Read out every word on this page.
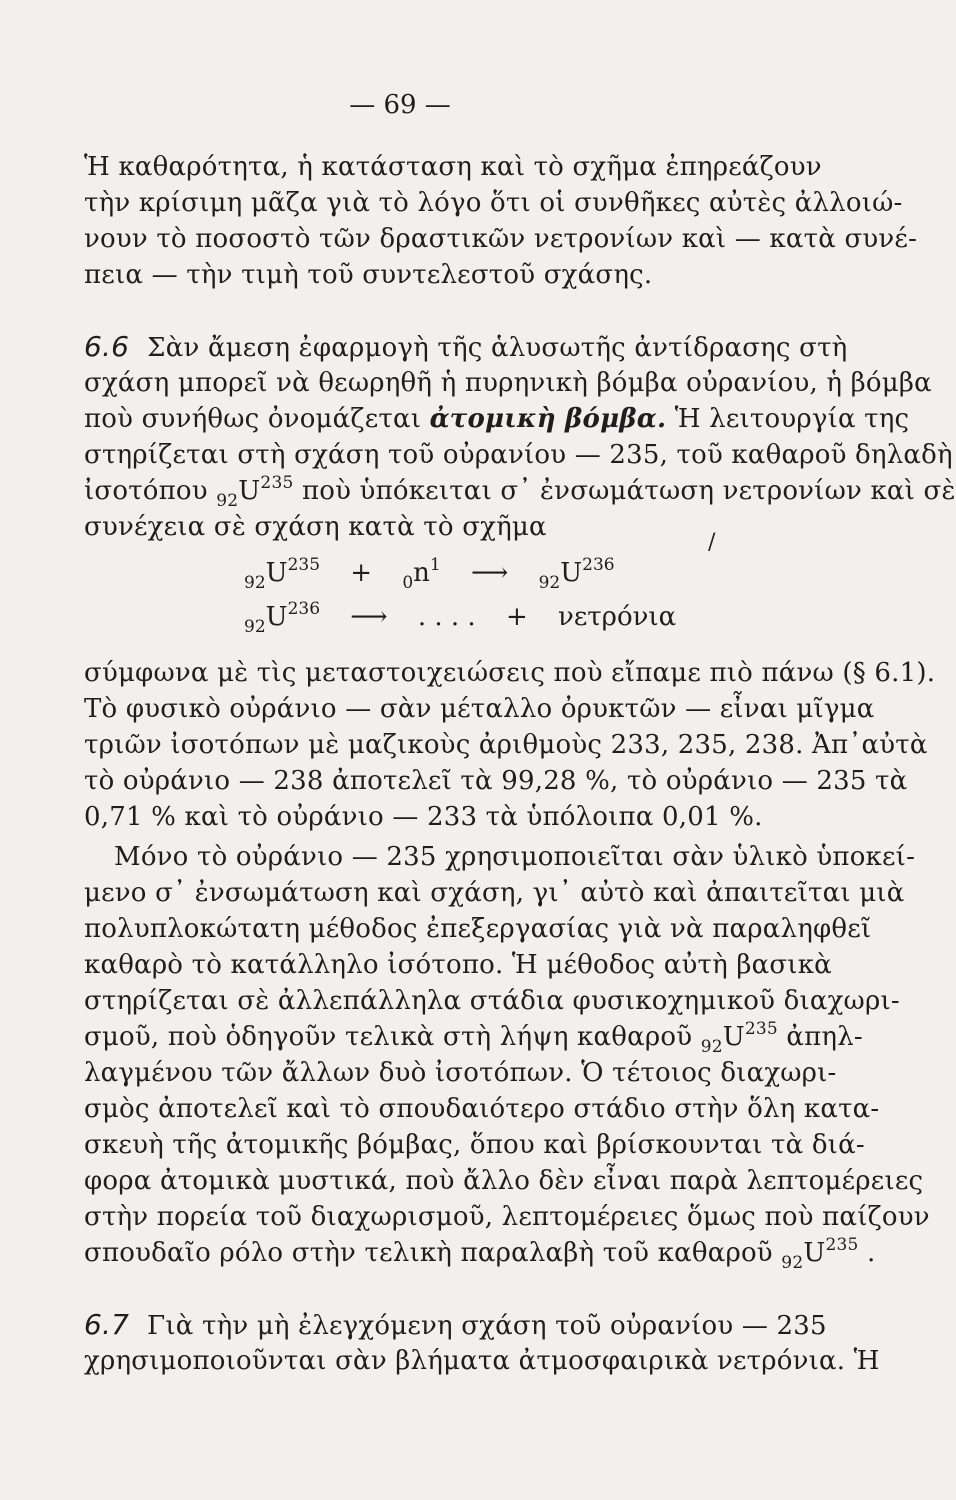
— 69 —
Ἡ καθαρότητα, ἡ κατάσταση καὶ τὸ σχῆμα ἐπηρεάζουν
τὴν κρίσιμη μᾶζα γιὰ τὸ λόγο ὅτι οἱ συνθῆκες αὐτὲς ἀλλοιώ-
νουν τὸ ποσοστὸ τῶν δραστικῶν νετρονίων καὶ — κατὰ συνέ-
πεια — τὴν τιμὴ τοῦ συντελεστοῦ σχάσης.
6.6 Σὰν ἄμεση ἐφαρμογὴ τῆς ἁλυσωτῆς ἀντίδρασης στὴ
σχάση μπορεῖ νὰ θεωρηθῆ ἡ πυρηνικὴ βόμβα οὐρανίου, ἡ βόμβα
ποὺ συνήθως ὀνομάζεται ἀτομικὴ βόμβα. Ἡ λειτουργία της
στηρίζεται στὴ σχάση τοῦ οὐρανίου — 235, τοῦ καθαροῦ δηλαδὴ
ἰσοτόπου $_{92}U^{235}$ ποὺ ὑπόκειται σ᾿ ἐνσωμάτωση νετρονίων καὶ σὲ
συνέχεια σὲ σχάση κατὰ τὸ σχῆμα
/
$_{92}U^{235} + _0n^1$ ⟶ $_{92}U^{236}$
$_{92}U^{236}$ ⟶ . . . . + νετρόνια
σύμφωνα μὲ τὶς μεταστοιχειώσεις ποὺ εἴπαμε πιὸ πάνω (§ 6.1).
Τὸ φυσικὸ οὐράνιο — σὰν μέταλλο ὀρυκτῶν — εἶναι μῖγμα
τριῶν ἰσοτόπων μὲ μαζικοὺς ἀριθμοὺς 233, 235, 238. Ἀπ᾿αὐτὰ
τὸ οὐράνιο — 238 ἀποτελεῖ τὰ 99,28 %, τὸ οὐράνιο — 235 τὰ
0,71 % καὶ τὸ οὐράνιο — 233 τὰ ὑπόλοιπα 0,01 %.
Μόνο τὸ οὐράνιο — 235 χρησιμοποιεῖται σὰν ὑλικὸ ὑποκεί-
μενο σ᾿ ἐνσωμάτωση καὶ σχάση, γι᾿ αὐτὸ καὶ ἀπαιτεῖται μιὰ
πολυπλοκώτατη μέθοδος ἐπεξεργασίας γιὰ νὰ παραληφθεῖ
καθαρὸ τὸ κατάλληλο ἰσότοπο. Ἡ μέθοδος αὐτὴ βασικὰ
στηρίζεται σὲ ἀλλεπάλληλα στάδια φυσικοχημικοῦ διαχωρι-
σμοῦ, ποὺ ὁδηγοῦν τελικὰ στὴ λήψη καθαροῦ $_{92}U^{235}$ ἀπηλ-
λαγμένου τῶν ἄλλων δυὸ ἰσοτόπων. Ὁ τέτοιος διαχωρι-
σμὸς ἀποτελεῖ καὶ τὸ σπουδαιότερο στάδιο στὴν ὅλη κατα-
σκευὴ τῆς ἀτομικῆς βόμβας, ὅπου καὶ βρίσκουνται τὰ διά-
φορα ἀτομικὰ μυστικά, ποὺ ἄλλο δὲν εἶναι παρὰ λεπτομέρειες
στὴν πορεία τοῦ διαχωρισμοῦ, λεπτομέρειες ὅμως ποὺ παίζουν
σπουδαῖο ρόλο στὴν τελικὴ παραλαβὴ τοῦ καθαροῦ $_{92}U^{235}$ .
6.7 Γιὰ τὴν μὴ ἐλεγχόμενη σχάση τοῦ οὐρανίου — 235
χρησιμοποιοῦνται σὰν βλήματα ἀτμοσφαιρικὰ νετρόνια. Ἡ
